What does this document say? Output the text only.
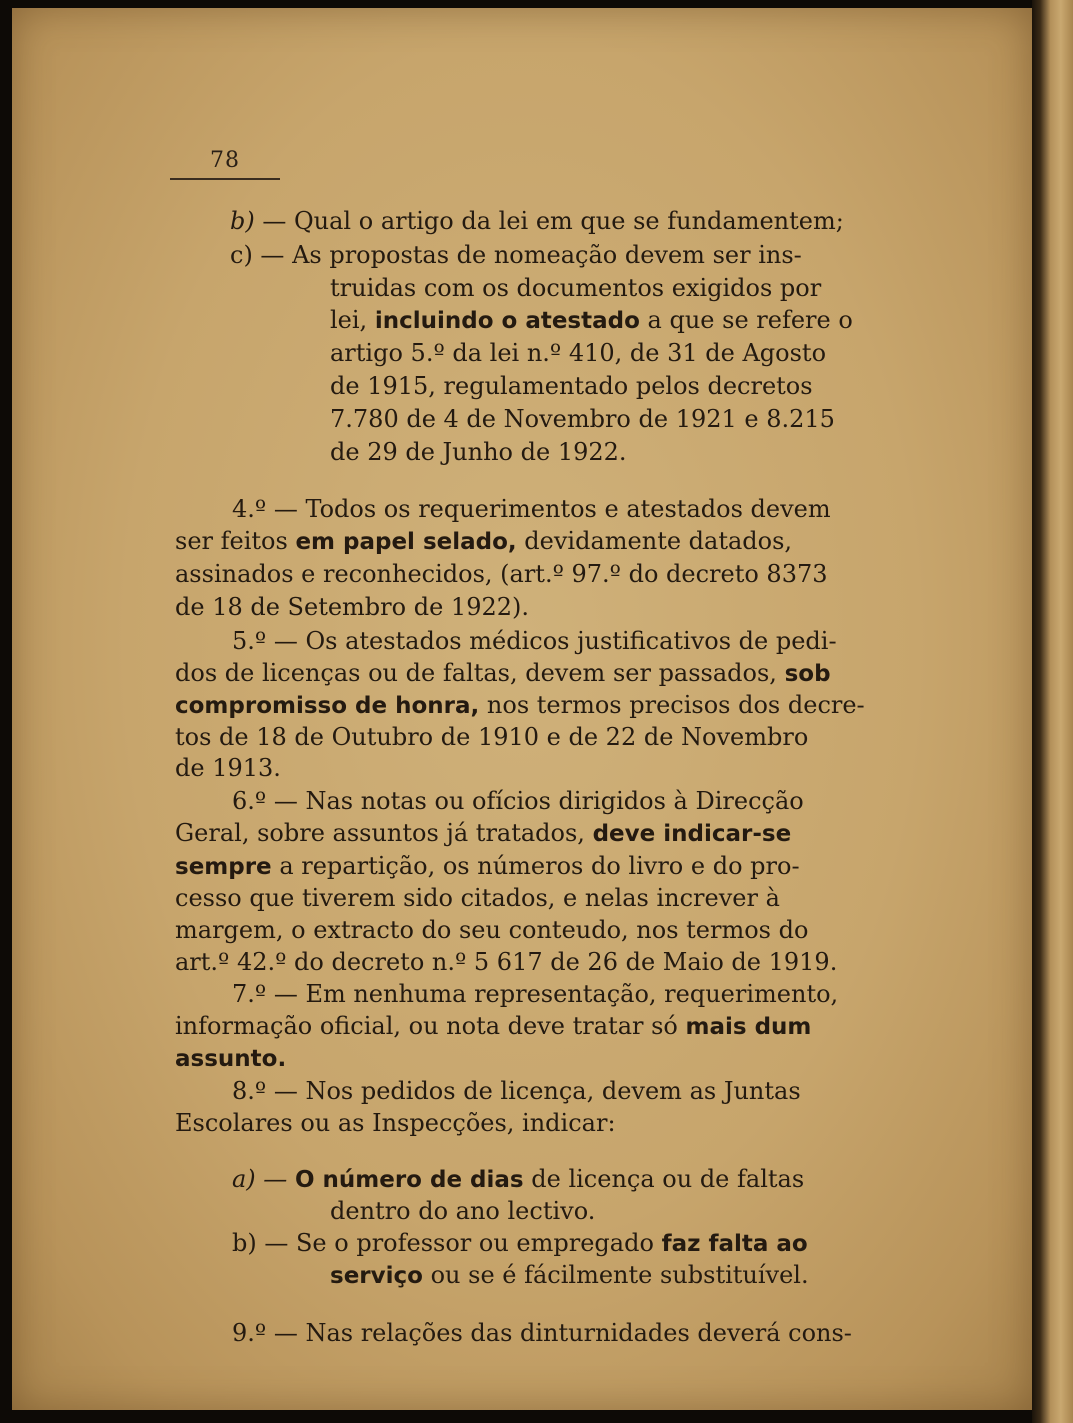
78
b) — Qual o artigo da lei em que se fundamentem;
c) — As propostas de nomeação devem ser ins-
truidas com os documentos exigidos por
lei, incluindo o atestado a que se refere o
artigo 5.º da lei n.º 410, de 31 de Agosto
de 1915, regulamentado pelos decretos
7.780 de 4 de Novembro de 1921 e 8.215
de 29 de Junho de 1922.
4.º — Todos os requerimentos e atestados devem
ser feitos em papel selado, devidamente datados,
assinados e reconhecidos, (art.º 97.º do decreto 8373
de 18 de Setembro de 1922).
5.º — Os atestados médicos justificativos de pedi-
dos de licenças ou de faltas, devem ser passados, sob
compromisso de honra, nos termos precisos dos decre-
tos de 18 de Outubro de 1910 e de 22 de Novembro
de 1913.
6.º — Nas notas ou ofícios dirigidos à Direcção
Geral, sobre assuntos já tratados, deve indicar-se
sempre a repartição, os números do livro e do pro-
cesso que tiverem sido citados, e nelas increver à
margem, o extracto do seu conteudo, nos termos do
art.º 42.º do decreto n.º 5 617 de 26 de Maio de 1919.
7.º — Em nenhuma representação, requerimento,
informação oficial, ou nota deve tratar só mais dum
assunto.
8.º — Nos pedidos de licença, devem as Juntas
Escolares ou as Inspecções, indicar:
a) — O número de dias de licença ou de faltas
dentro do ano lectivo.
b) — Se o professor ou empregado faz falta ao
serviço ou se é fácilmente substituível.
9.º — Nas relações das dinturnidades deverá cons-
